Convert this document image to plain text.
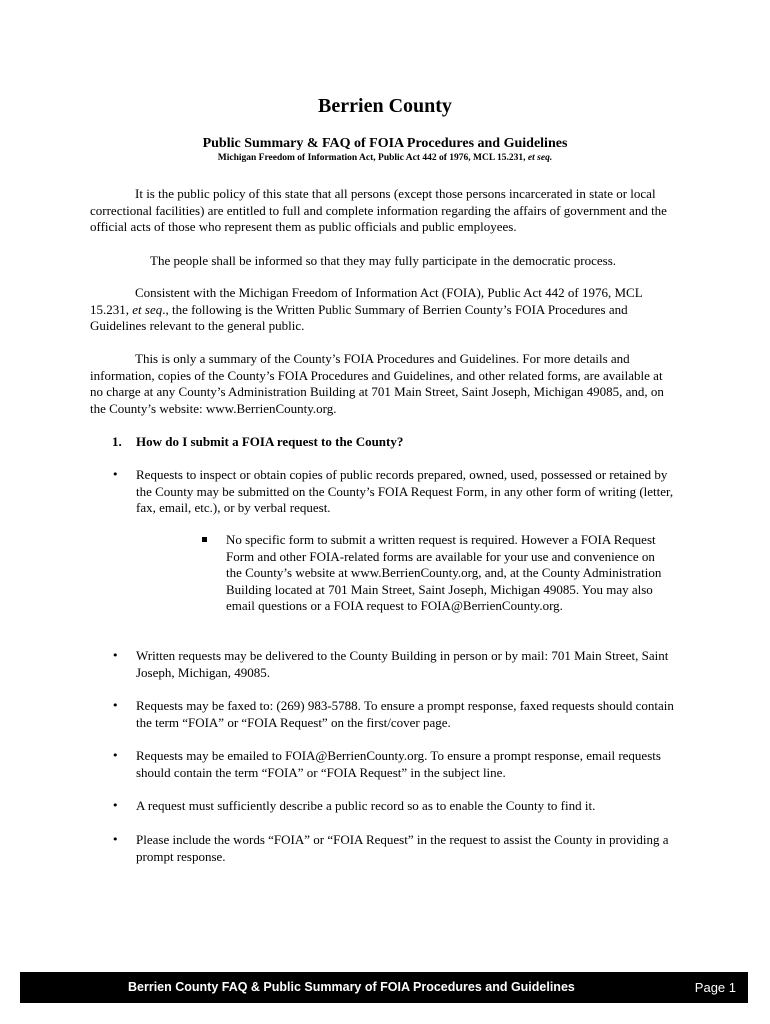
Berrien County
Public Summary & FAQ of FOIA Procedures and Guidelines
Michigan Freedom of Information Act, Public Act 442 of 1976, MCL 15.231, et seq.

It is the public policy of this state that all persons (except those persons incarcerated in state or local correctional facilities) are entitled to full and complete information regarding the affairs of government and the official acts of those who represent them as public officials and public employees.

The people shall be informed so that they may fully participate in the democratic process.

Consistent with the Michigan Freedom of Information Act (FOIA), Public Act 442 of 1976, MCL 15.231, et seq., the following is the Written Public Summary of Berrien County’s FOIA Procedures and Guidelines relevant to the general public.

This is only a summary of the County’s FOIA Procedures and Guidelines. For more details and information, copies of the County’s FOIA Procedures and Guidelines, and other related forms, are available at no charge at any County’s Administration Building at 701 Main Street, Saint Joseph, Michigan 49085, and, on the County’s website: www.BerrienCounty.org.

1. How do I submit a FOIA request to the County?
• Requests to inspect or obtain copies of public records prepared, owned, used, possessed or retained by the County may be submitted on the County’s FOIA Request Form, in any other form of writing (letter, fax, email, etc.), or by verbal request.
No specific form to submit a written request is required. However a FOIA Request Form and other FOIA-related forms are available for your use and convenience on the County’s website at www.BerrienCounty.org, and, at the County Administration Building located at 701 Main Street, Saint Joseph, Michigan 49085. You may also email questions or a FOIA request to FOIA@BerrienCounty.org.
• Written requests may be delivered to the County Building in person or by mail: 701 Main Street, Saint Joseph, Michigan, 49085.
• Requests may be faxed to: (269) 983-5788. To ensure a prompt response, faxed requests should contain the term “FOIA” or “FOIA Request” on the first/cover page.
• Requests may be emailed to FOIA@BerrienCounty.org. To ensure a prompt response, email requests should contain the term “FOIA” or “FOIA Request” in the subject line.
• A request must sufficiently describe a public record so as to enable the County to find it.
• Please include the words “FOIA” or “FOIA Request” in the request to assist the County in providing a prompt response.
Berrien County FAQ & Public Summary of FOIA Procedures and Guidelines	Page 1
